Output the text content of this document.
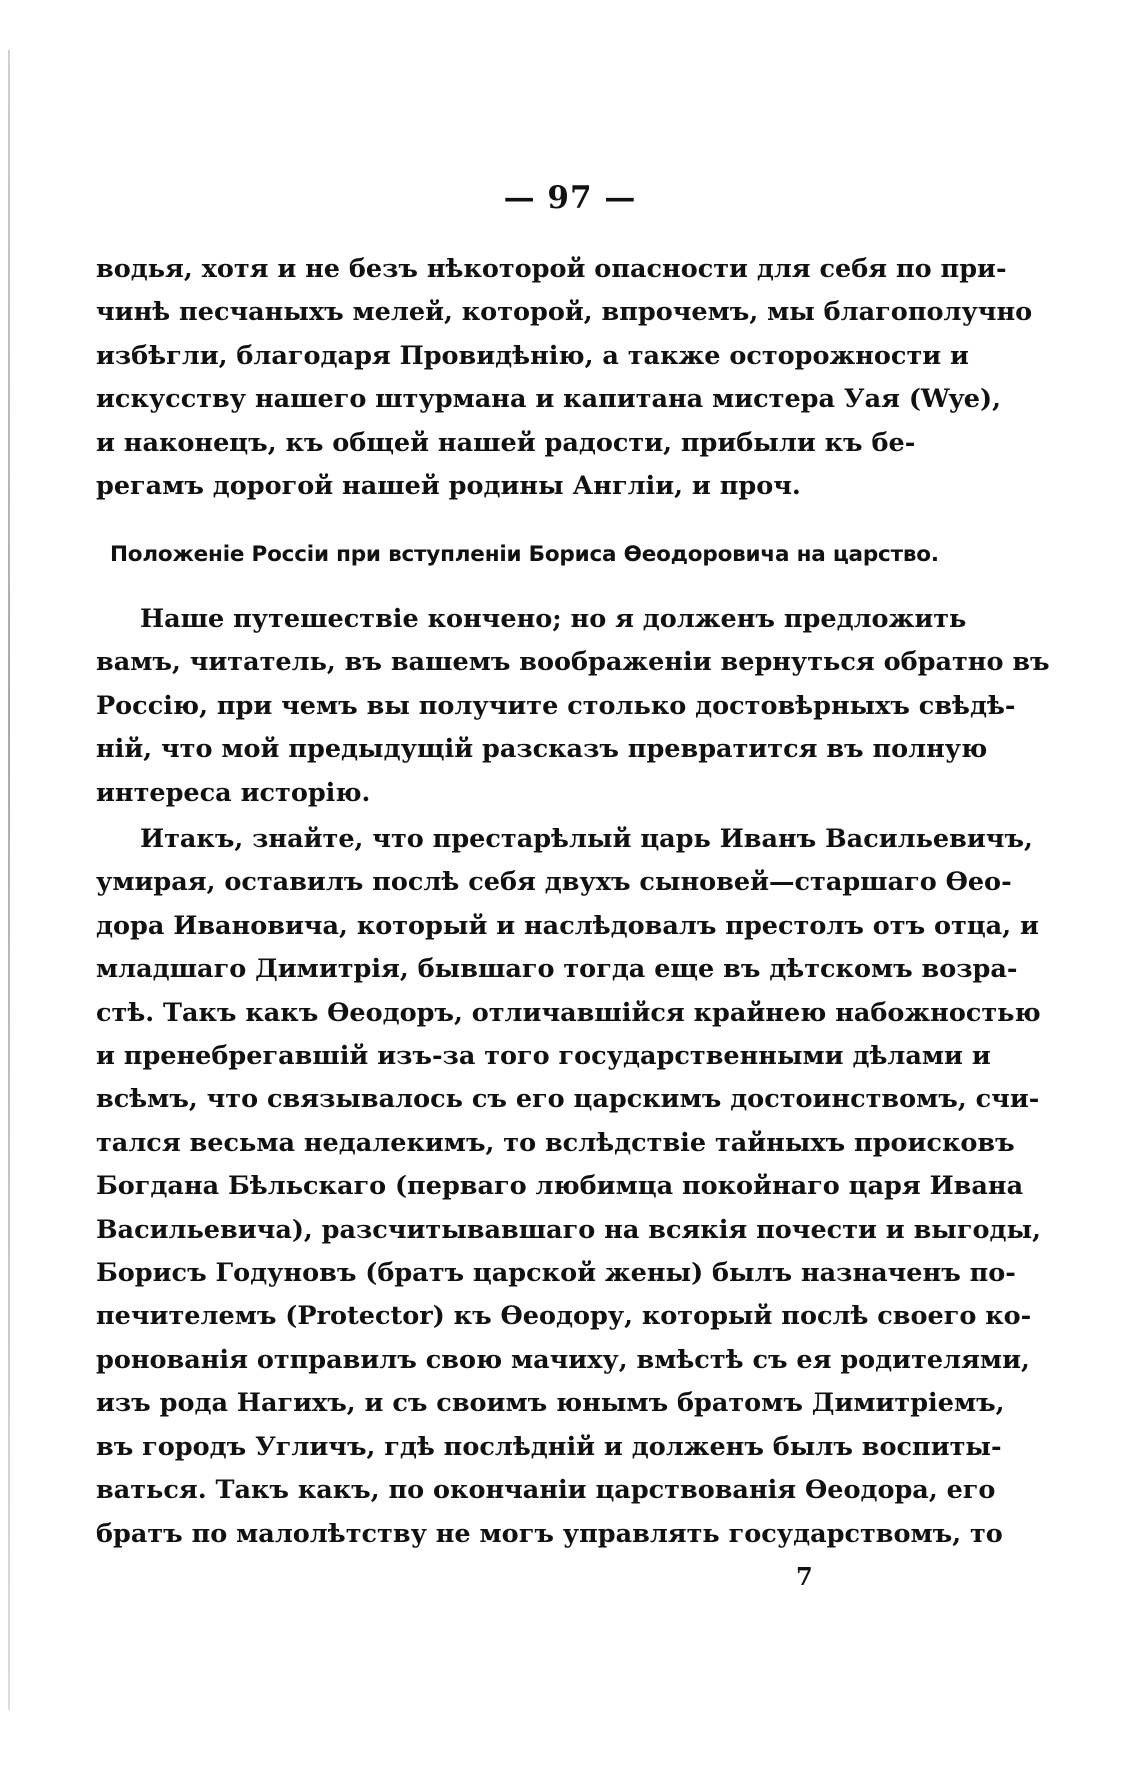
— 97 —
водья, хотя и не безъ нѣкоторой опасности для себя по при-
чинѣ песчаныхъ мелей, которой, впрочемъ, мы благополучно
избѣгли, благодаря Провидѣнію, а также осторожности и
искусству нашего штурмана и капитана мистера Уая (Wye),
и наконецъ, къ общей нашей радости, прибыли къ бе-
регамъ дорогой нашей родины Англіи, и проч.
Положеніе Россіи при вступленіи Бориса Ѳеодоровича на царство.
Наше путешествіе кончено; но я долженъ предложить
вамъ, читатель, въ вашемъ воображеніи вернуться обратно въ
Россію, при чемъ вы получите столько достовѣрныхъ свѣдѣ-
ній, что мой предыдущій разсказъ превратится въ полную
интереса исторію.
Итакъ, знайте, что престарѣлый царь Иванъ Васильевичъ,
умирая, оставилъ послѣ себя двухъ сыновей—старшаго Ѳео-
дора Ивановича, который и наслѣдовалъ престолъ отъ отца, и
младшаго Димитрія, бывшаго тогда еще въ дѣтскомъ возра-
стѣ. Такъ какъ Ѳеодоръ, отличавшійся крайнею набожностью
и пренебрегавшій изъ-за того государственными дѣлами и
всѣмъ, что связывалось съ его царскимъ достоинствомъ, счи-
тался весьма недалекимъ, то вслѣдствіе тайныхъ происковъ
Богдана Бѣльскаго (перваго любимца покойнаго царя Ивана
Васильевича), разсчитывавшаго на всякія почести и выгоды,
Борисъ Годуновъ (братъ царской жены) былъ назначенъ по-
печителемъ (Protector) къ Ѳеодору, который послѣ своего ко-
ронованія отправилъ свою мачиху, вмѣстѣ съ ея родителями,
изъ рода Нагихъ, и съ своимъ юнымъ братомъ Димитріемъ,
въ городъ Угличъ, гдѣ послѣдній и долженъ былъ воспиты-
ваться. Такъ какъ, по окончаніи царствованія Ѳеодора, его
братъ по малолѣтству не могъ управлять государствомъ, то
7
